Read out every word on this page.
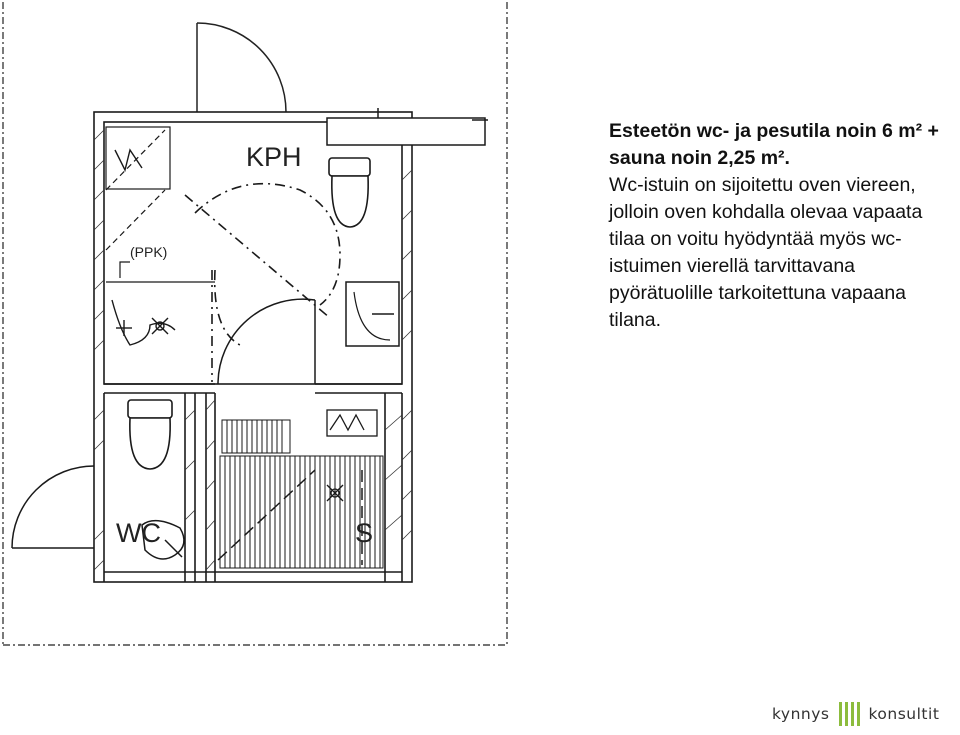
KPH
(PPK)
WC	S
Esteetön wc- ja pesutila noin 6 m² + sauna noin 2,25 m².
Wc-istuin on sijoitettu oven viereen, jolloin oven kohdalla olevaa vapaata tilaa on voitu hyödyntää myös wc-istuimen vierellä tarvittavana pyörätuolille tarkoitettuna vapaana tilana.
kynnys	konsultit
